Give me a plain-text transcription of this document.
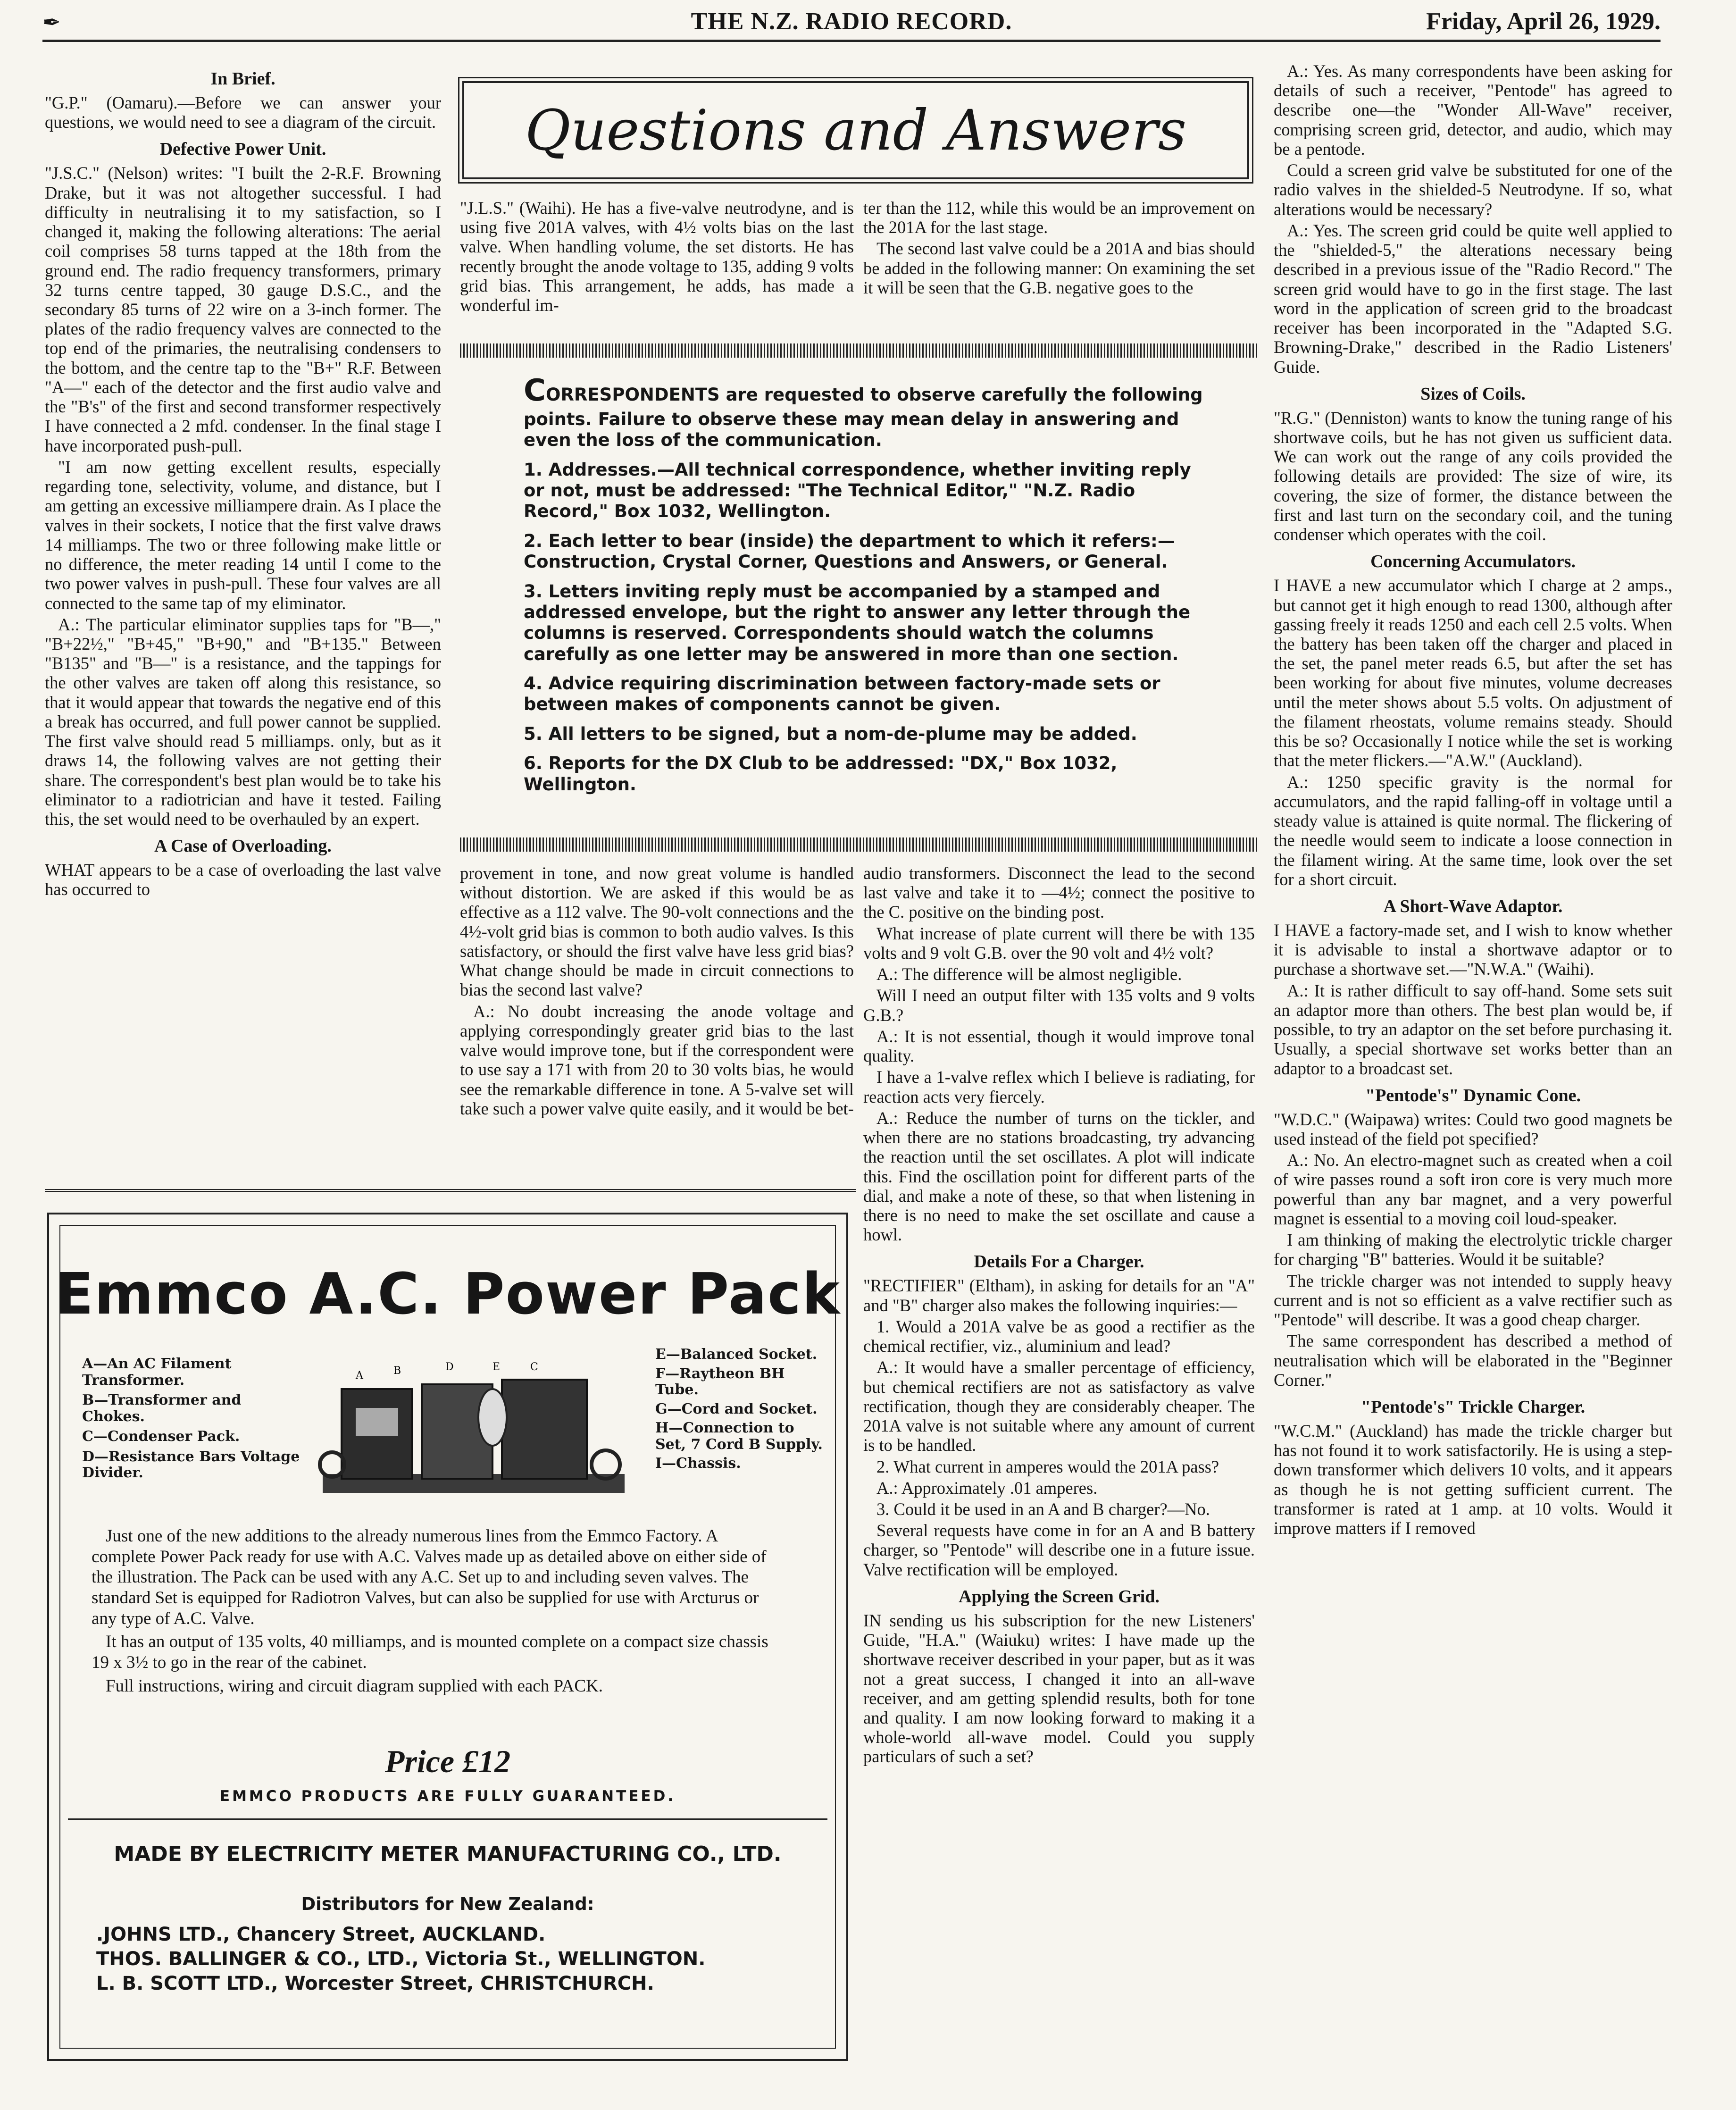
✒	THE N.Z. RADIO RECORD.	Friday, April 26, 1929.
In Brief.

"G.P." (Oamaru).—Before we can answer your questions, we would need to see a diagram of the circuit.

Defective Power Unit.

"J.S.C." (Nelson) writes: "I built the 2-R.F. Browning Drake, but it was not altogether successful. I had difficulty in neutralising it to my satisfaction, so I changed it, making the following alterations: The aerial coil comprises 58 turns tapped at the 18th from the ground end. The radio frequency transformers, primary 32 turns centre tapped, 30 gauge D.S.C., and the secondary 85 turns of 22 wire on a 3-inch former. The plates of the radio frequency valves are connected to the top end of the primaries, the neutralising condensers to the bottom, and the centre tap to the "B+" R.F. Between "A—" each of the detector and the first audio valve and the "B's" of the first and second transformer respectively I have connected a 2 mfd. condenser. In the final stage I have incorporated push-pull.

"I am now getting excellent results, especially regarding tone, selectivity, volume, and distance, but I am getting an excessive milliampere drain. As I place the valves in their sockets, I notice that the first valve draws 14 milliamps. The two or three following make little or no difference, the meter reading 14 until I come to the two power valves in push-pull. These four valves are all connected to the same tap of my eliminator.

A.: The particular eliminator supplies taps for "B—," "B+22½," "B+45," "B+90," and "B+135." Between "B135" and "B—" is a resistance, and the tappings for the other valves are taken off along this resistance, so that it would appear that towards the negative end of this a break has occurred, and full power cannot be supplied. The first valve should read 5 milliamps. only, but as it draws 14, the following valves are not getting their share. The correspondent's best plan would be to take his eliminator to a radiotrician and have it tested. Failing this, the set would need to be overhauled by an expert.

A Case of Overloading.

WHAT appears to be a case of overloading the last valve has occurred to

Questions and Answers

"J.L.S." (Waihi). He has a five-valve neutrodyne, and is using five 201A valves, with 4½ volts bias on the last valve. When handling volume, the set distorts. He has recently brought the anode voltage to 135, adding 9 volts grid bias. This arrangement, he adds, has made a wonderful im-

ter than the 112, while this would be an improvement on the 201A for the last stage.

The second last valve could be a 201A and bias should be added in the following manner: On examining the set it will be seen that the G.B. negative goes to the

CORRESPONDENTS are requested to observe carefully the following points. Failure to observe these may mean delay in answering and even the loss of the communication.

1. Addresses.—All technical correspondence, whether inviting reply or not, must be addressed: "The Technical Editor," "N.Z. Radio Record," Box 1032, Wellington.

2. Each letter to bear (inside) the department to which it refers:—Construction, Crystal Corner, Questions and Answers, or General.

3. Letters inviting reply must be accompanied by a stamped and addressed envelope, but the right to answer any letter through the columns is reserved. Correspondents should watch the columns carefully as one letter may be answered in more than one section.

4. Advice requiring discrimination between factory-made sets or between makes of components cannot be given.

5. All letters to be signed, but a nom-de-plume may be added.

6. Reports for the DX Club to be addressed: "DX," Box 1032, Wellington.

provement in tone, and now great volume is handled without distortion. We are asked if this would be as effective as a 112 valve. The 90-volt connections and the 4½-volt grid bias is common to both audio valves. Is this satisfactory, or should the first valve have less grid bias? What change should be made in circuit connections to bias the second last valve?

A.: No doubt increasing the anode voltage and applying correspondingly greater grid bias to the last valve would improve tone, but if the correspondent were to use say a 171 with from 20 to 30 volts bias, he would see the remarkable difference in tone. A 5-valve set will take such a power valve quite easily, and it would be bet-

audio transformers. Disconnect the lead to the second last valve and take it to —4½; connect the positive to the C. positive on the binding post.

What increase of plate current will there be with 135 volts and 9 volt G.B. over the 90 volt and 4½ volt?

A.: The difference will be almost negligible.

Will I need an output filter with 135 volts and 9 volts G.B.?

A.: It is not essential, though it would improve tonal quality.

I have a 1-valve reflex which I believe is radiating, for reaction acts very fiercely.

A.: Reduce the number of turns on the tickler, and when there are no stations broadcasting, try advancing the reaction until the set oscillates. A plot will indicate this. Find the oscillation point for different parts of the dial, and make a note of these, so that when listening in there is no need to make the set oscillate and cause a howl.

Details For a Charger.

"RECTIFIER" (Eltham), in asking for details for an "A" and "B" charger also makes the following inquiries:—

1. Would a 201A valve be as good a rectifier as the chemical rectifier, viz., aluminium and lead?

A.: It would have a smaller percentage of efficiency, but chemical rectifiers are not as satisfactory as valve rectification, though they are considerably cheaper. The 201A valve is not suitable where any amount of current is to be handled.

2. What current in amperes would the 201A pass?

A.: Approximately .01 amperes.

3. Could it be used in an A and B charger?—No.

Several requests have come in for an A and B battery charger, so "Pentode" will describe one in a future issue. Valve rectification will be employed.

Applying the Screen Grid.

IN sending us his subscription for the new Listeners' Guide, "H.A." (Waiuku) writes: I have made up the shortwave receiver described in your paper, but as it was not a great success, I changed it into an all-wave receiver, and am getting splendid results, both for tone and quality. I am now looking forward to making it a whole-world all-wave model. Could you supply particulars of such a set?

A.: Yes. As many correspondents have been asking for details of such a receiver, "Pentode" has agreed to describe one—the "Wonder All-Wave" receiver, comprising screen grid, detector, and audio, which may be a pentode.

Could a screen grid valve be substituted for one of the radio valves in the shielded-5 Neutrodyne. If so, what alterations would be necessary?

A.: Yes. The screen grid could be quite well applied to the "shielded-5," the alterations necessary being described in a previous issue of the "Radio Record." The screen grid would have to go in the first stage. The last word in the application of screen grid to the broadcast receiver has been incorporated in the "Adapted S.G. Browning-Drake," described in the Radio Listeners' Guide.

Sizes of Coils.

"R.G." (Denniston) wants to know the tuning range of his shortwave coils, but he has not given us sufficient data. We can work out the range of any coils provided the following details are provided: The size of wire, its covering, the size of former, the distance between the first and last turn on the secondary coil, and the tuning condenser which operates with the coil.

Concerning Accumulators.

I HAVE a new accumulator which I charge at 2 amps., but cannot get it high enough to read 1300, although after gassing freely it reads 1250 and each cell 2.5 volts. When the battery has been taken off the charger and placed in the set, the panel meter reads 6.5, but after the set has been working for about five minutes, volume decreases until the meter shows about 5.5 volts. On adjustment of the filament rheostats, volume remains steady. Should this be so? Occasionally I notice while the set is working that the meter flickers.—"A.W." (Auckland).

A.: 1250 specific gravity is the normal for accumulators, and the rapid falling-off in voltage until a steady value is attained is quite normal. The flickering of the needle would seem to indicate a loose connection in the filament wiring. At the same time, look over the set for a short circuit.

A Short-Wave Adaptor.

I HAVE a factory-made set, and I wish to know whether it is advisable to instal a shortwave adaptor or to purchase a shortwave set.—"N.W.A." (Waihi).

A.: It is rather difficult to say off-hand. Some sets suit an adaptor more than others. The best plan would be, if possible, to try an adaptor on the set before purchasing it. Usually, a special shortwave set works better than an adaptor to a broadcast set.

"Pentode's" Dynamic Cone.

"W.D.C." (Waipawa) writes: Could two good magnets be used instead of the field pot specified?

A.: No. An electro-magnet such as created when a coil of wire passes round a soft iron core is very much more powerful than any bar magnet, and a very powerful magnet is essential to a moving coil loud-speaker.

I am thinking of making the electrolytic trickle charger for charging "B" batteries. Would it be suitable?

The trickle charger was not intended to supply heavy current and is not so efficient as a valve rectifier such as "Pentode" will describe. It was a good cheap charger.

The same correspondent has described a method of neutralisation which will be elaborated in the "Beginner Corner."

"Pentode's" Trickle Charger.

"W.C.M." (Auckland) has made the trickle charger but has not found it to work satisfactorily. He is using a step-down transformer which delivers 10 volts, and it appears as though he is not getting sufficient current. The transformer is rated at 1 amp. at 10 volts. Would it improve matters if I removed

Emmco A.C. Power Pack
A—An AC Filament Transformer.
B—Transformer and Chokes.
C—Condenser Pack.
D—Resistance Bars Voltage Divider.
A	B	D	E	C
E—Balanced Socket.
F—Raytheon BH Tube.
G—Cord and Socket.
H—Connection to Set, 7 Cord B Supply.
I—Chassis.

Just one of the new additions to the already numerous lines from the Emmco Factory. A complete Power Pack ready for use with A.C. Valves made up as detailed above on either side of the illustration. The Pack can be used with any A.C. Set up to and including seven valves. The standard Set is equipped for Radiotron Valves, but can also be supplied for use with Arcturus or any type of A.C. Valve.

It has an output of 135 volts, 40 milliamps, and is mounted complete on a compact size chassis 19 x 3½ to go in the rear of the cabinet.

Full instructions, wiring and circuit diagram supplied with each PACK.

Price £12
EMMCO PRODUCTS ARE FULLY GUARANTEED.
MADE BY ELECTRICITY METER MANUFACTURING CO., LTD.
Distributors for New Zealand:
.JOHNS LTD., Chancery Street, AUCKLAND.
THOS. BALLINGER & CO., LTD., Victoria St., WELLINGTON.
L. B. SCOTT LTD., Worcester Street, CHRISTCHURCH.
